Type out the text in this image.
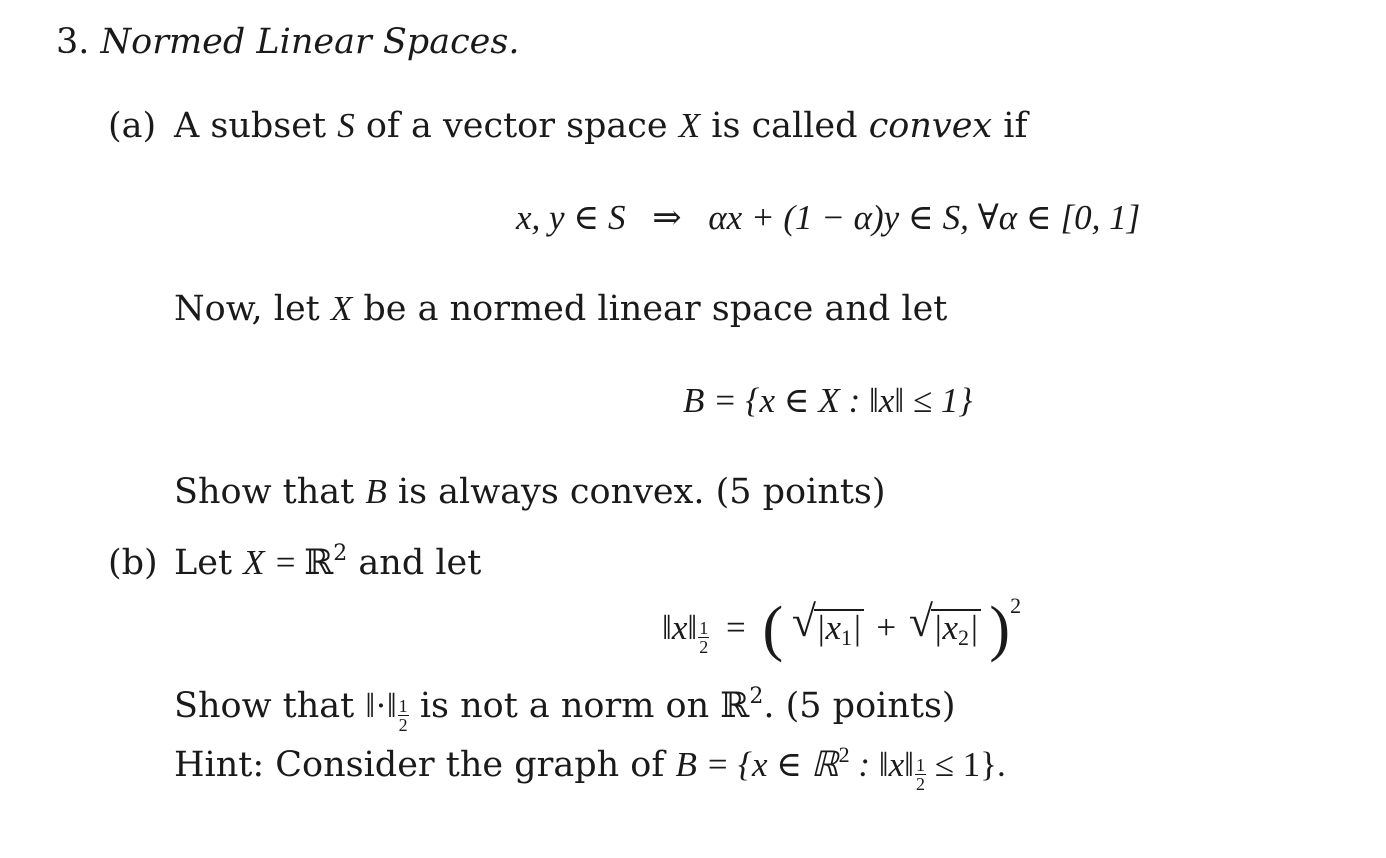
3. Normed Linear Spaces.
(a) A subset S of a vector space X is called convex if
x, y ∈ S ⇒ αx + (1 − α)y ∈ S, ∀α ∈ [0, 1]
Now, let X be a normed linear space and let
B = {x ∈ X : ‖x‖ ≤ 1}
Show that B is always convex. (5 points)
(b) Let X = ℝ$^2$ and let
‖x‖ $\frac{1}{2}$ = ( √ $|x_1|$ + √ $|x_2|$ )$^2$
Show that ‖·‖ $\frac{1}{2}$ is not a norm on ℝ$^2$. (5 points)
Hint: Consider the graph of B = {x ∈ ℝ$^2$ : ‖x‖ $\frac{1}{2} \le 1$}.
